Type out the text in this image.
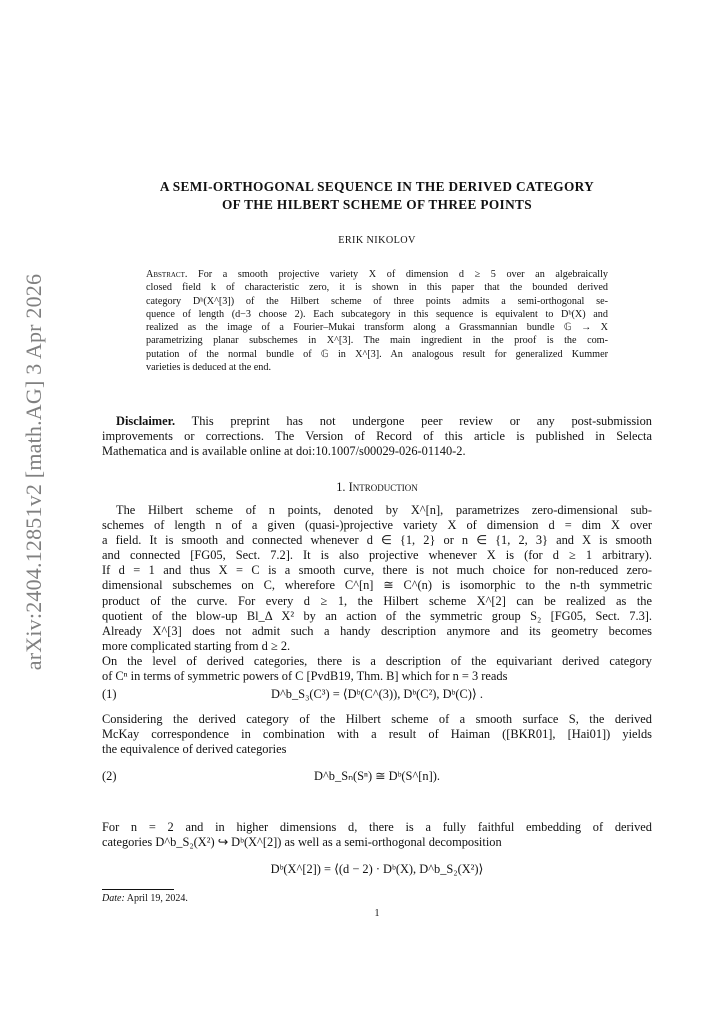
arXiv:2404.12851v2 [math.AG] 3 Apr 2026
A SEMI-ORTHOGONAL SEQUENCE IN THE DERIVED CATEGORY
OF THE HILBERT SCHEME OF THREE POINTS
ERIK NIKOLOV
Abstract. For a smooth projective variety X of dimension d ≥ 5 over an algebraically
closed field k of characteristic zero, it is shown in this paper that the bounded derived
category Dᵇ(X^[3]) of the Hilbert scheme of three points admits a semi-orthogonal se-
quence of length (d−3 choose 2). Each subcategory in this sequence is equivalent to Dᵇ(X) and
realized as the image of a Fourier–Mukai transform along a Grassmannian bundle 𝔾 → X
parametrizing planar subschemes in X^[3]. The main ingredient in the proof is the com-
putation of the normal bundle of 𝔾 in X^[3]. An analogous result for generalized Kummer
varieties is deduced at the end.
Disclaimer. This preprint has not undergone peer review or any post-submission
improvements or corrections. The Version of Record of this article is published in Selecta
Mathematica and is available online at doi:10.1007/s00029-026-01140-2.
1. Introduction
The Hilbert scheme of n points, denoted by X^[n], parametrizes zero-dimensional sub-
schemes of length n of a given (quasi-)projective variety X of dimension d = dim X over
a field. It is smooth and connected whenever d ∈ {1, 2} or n ∈ {1, 2, 3} and X is smooth
and connected [FG05, Sect. 7.2]. It is also projective whenever X is (for d ≥ 1 arbitrary).
If d = 1 and thus X = C is a smooth curve, there is not much choice for non-reduced zero-
dimensional subschemes on C, wherefore C^[n] ≅ C^(n) is isomorphic to the n-th symmetric
product of the curve. For every d ≥ 1, the Hilbert scheme X^[2] can be realized as the
quotient of the blow-up Bl_Δ X² by an action of the symmetric group S₂ [FG05, Sect. 7.3].
Already X^[3] does not admit such a handy description anymore and its geometry becomes
more complicated starting from d ≥ 2.
On the level of derived categories, there is a description of the equivariant derived category
of Cⁿ in terms of symmetric powers of C [PvdB19, Thm. B] which for n = 3 reads
(1)	D^b_S₃(C³) = ⟨Dᵇ(C^(3)), Dᵇ(C²), Dᵇ(C)⟩ .
Considering the derived category of the Hilbert scheme of a smooth surface S, the derived
McKay correspondence in combination with a result of Haiman ([BKR01], [Hai01]) yields
the equivalence of derived categories
(2)	D^b_Sₙ(Sⁿ) ≅ Dᵇ(S^[n]).
For n = 2 and in higher dimensions d, there is a fully faithful embedding of derived
categories D^b_S₂(X²) ↪ Dᵇ(X^[2]) as well as a semi-orthogonal decomposition
Dᵇ(X^[2]) = ⟨(d − 2) · Dᵇ(X), D^b_S₂(X²)⟩
Date: April 19, 2024.
1
